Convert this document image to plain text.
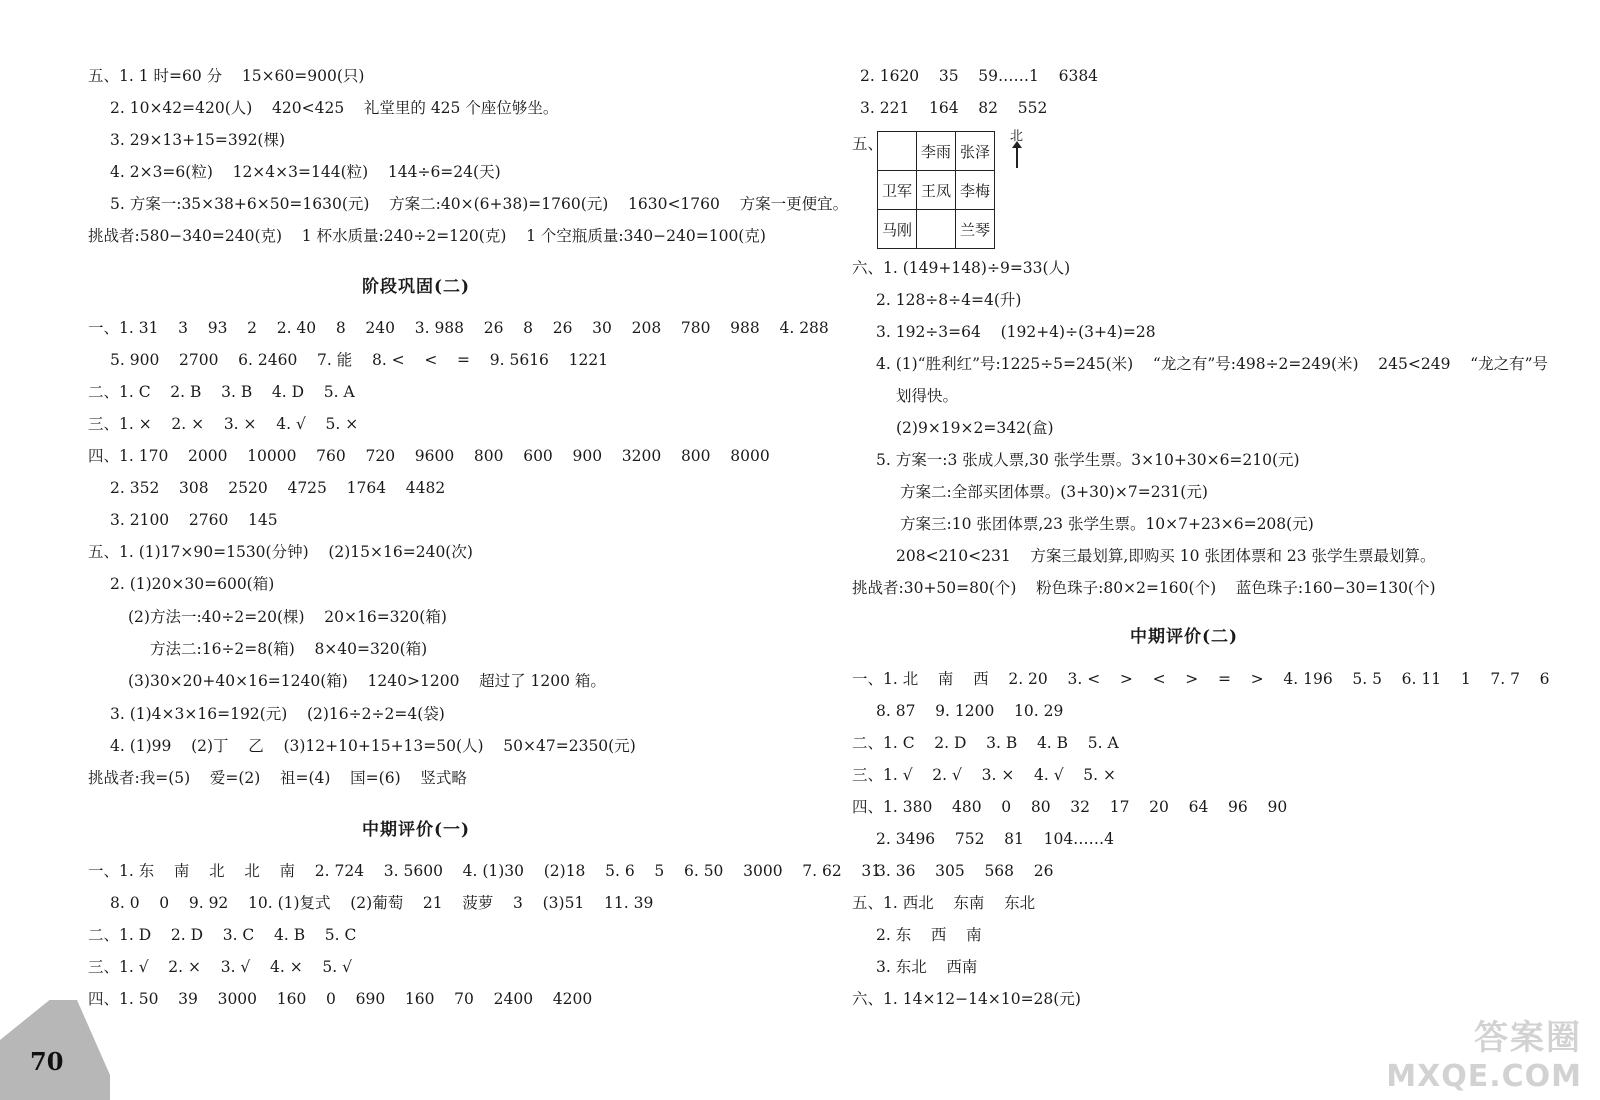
五、1. 1 时=60 分    15×60=900(只)
2. 10×42=420(人)    420<425    礼堂里的 425 个座位够坐。
3. 29×13+15=392(棵)
4. 2×3=6(粒)    12×4×3=144(粒)    144÷6=24(天)
5. 方案一:35×38+6×50=1630(元)    方案二:40×(6+38)=1760(元)    1630<1760    方案一更便宜。
挑战者:580−340=240(克)    1 杯水质量:240÷2=120(克)    1 个空瓶质量:340−240=100(克)
阶段巩固(二)
一、1. 31    3    93    2    2. 40    8    240    3. 988    26    8    26    30    208    780    988    4. 288
5. 900    2700    6. 2460    7. 能    8. <    <    =    9. 5616    1221
二、1. C    2. B    3. B    4. D    5. A
三、1. ×    2. ×    3. ×    4. √    5. ×
四、1. 170    2000    10000    760    720    9600    800    600    900    3200    800    8000
2. 352    308    2520    4725    1764    4482
3. 2100    2760    145
五、1. (1)17×90=1530(分钟)    (2)15×16=240(次)
2. (1)20×30=600(箱)
(2)方法一:40÷2=20(棵)    20×16=320(箱)
方法二:16÷2=8(箱)    8×40=320(箱)
(3)30×20+40×16=1240(箱)    1240>1200    超过了 1200 箱。
3. (1)4×3×16=192(元)    (2)16÷2÷2=4(袋)
4. (1)99    (2)丁    乙    (3)12+10+15+13=50(人)    50×47=2350(元)
挑战者:我=(5)    爱=(2)    祖=(4)    国=(6)    竖式略
中期评价(一)
一、1. 东    南    北    北    南    2. 724    3. 5600    4. (1)30    (2)18    5. 6    5    6. 50    3000    7. 62    31
8. 0    0    9. 92    10. (1)复式    (2)葡萄    21    菠萝    3    (3)51    11. 39
二、1. D    2. D    3. C    4. B    5. C
三、1. √    2. ×    3. √    4. ×    5. √
四、1. 50    39    3000    160    0    690    160    70    2400    4200
2. 1620    35    59……1    6384
3. 221    164    82    552
五、
		李雨	张泽
卫军	王凤	李梅
马刚		兰琴
北
六、1. (149+148)÷9=33(人)
2. 128÷8÷4=4(升)
3. 192÷3=64    (192+4)÷(3+4)=28
4. (1)“胜利红”号:1225÷5=245(米)    “龙之有”号:498÷2=249(米)    245<249    “龙之有”号
划得快。
(2)9×19×2=342(盒)
5. 方案一:3 张成人票,30 张学生票。3×10+30×6=210(元)
方案二:全部买团体票。(3+30)×7=231(元)
方案三:10 张团体票,23 张学生票。10×7+23×6=208(元)
208<210<231    方案三最划算,即购买 10 张团体票和 23 张学生票最划算。
挑战者:30+50=80(个)    粉色珠子:80×2=160(个)    蓝色珠子:160−30=130(个)
中期评价(二)
一、1. 北    南    西    2. 20    3. <    >    <    >    =    >    4. 196    5. 5    6. 11    1    7. 7    6
8. 87    9. 1200    10. 29
二、1. C    2. D    3. B    4. B    5. A
三、1. √    2. √    3. ×    4. √    5. ×
四、1. 380    480    0    80    32    17    20    64    96    90
2. 3496    752    81    104……4
3. 36    305    568    26
五、1. 西北    东南    东北
2. 东    西    南
3. 东北    西南
六、1. 14×12−14×10=28(元)
70
答案圈
MXQE.COM
